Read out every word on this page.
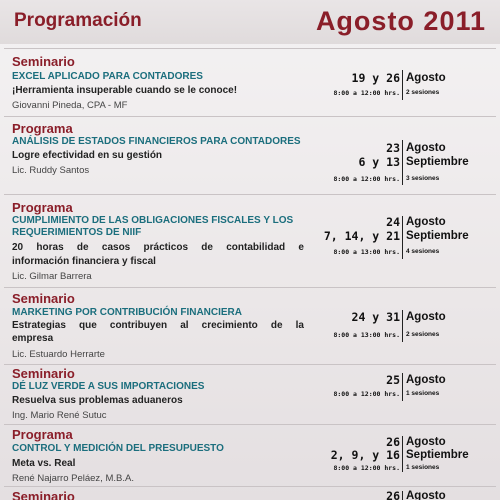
Programación	Agosto 2011
Seminario
EXCEL APLICADO PARA CONTADORES
¡Herramienta insuperable cuando se le conoce!
Giovanni Pineda, CPA - MF
19 y 26 Agosto
8:00 a 12:00 hrs. 2 sesiones
Programa
ANÁLISIS DE ESTADOS FINANCIEROS PARA CONTADORES
Logre efectividad en su gestión
Lic. Ruddy Santos
23
6 y 13
Agosto
Septiembre
8:00 a 12:00 hrs. 3 sesiones
Programa
CUMPLIMIENTO DE LAS OBLIGACIONES FISCALES Y LOS
REQUERIMIENTOS DE NIIF
20 horas de casos prácticos de contabilidad e
información financiera y fiscal
Lic. Gilmar Barrera
24
7, 14, y 21
Agosto
Septiembre
8:00 a 13:00 hrs. 4 sesiones
Seminario
MARKETING POR CONTRIBUCIÓN FINANCIERA
Estrategias que contribuyen al crecimiento de la
empresa
Lic. Estuardo Herrarte
24 y 31 Agosto
8:00 a 13:00 hrs. 2 sesiones
Seminario
DÉ LUZ VERDE A SUS IMPORTACIONES
Resuelva sus problemas aduaneros
Ing. Mario René Sutuc
25 Agosto
8:00 a 12:00 hrs. 1 sesiones
Programa
CONTROL Y MEDICIÓN DEL PRESUPUESTO
Meta vs. Real
René Najarro Peláez, M.B.A.
26
2, 9, y 16
Agosto
Septiembre
8:00 a 12:00 hrs. 1 sesiones
Seminario	26 Agosto
